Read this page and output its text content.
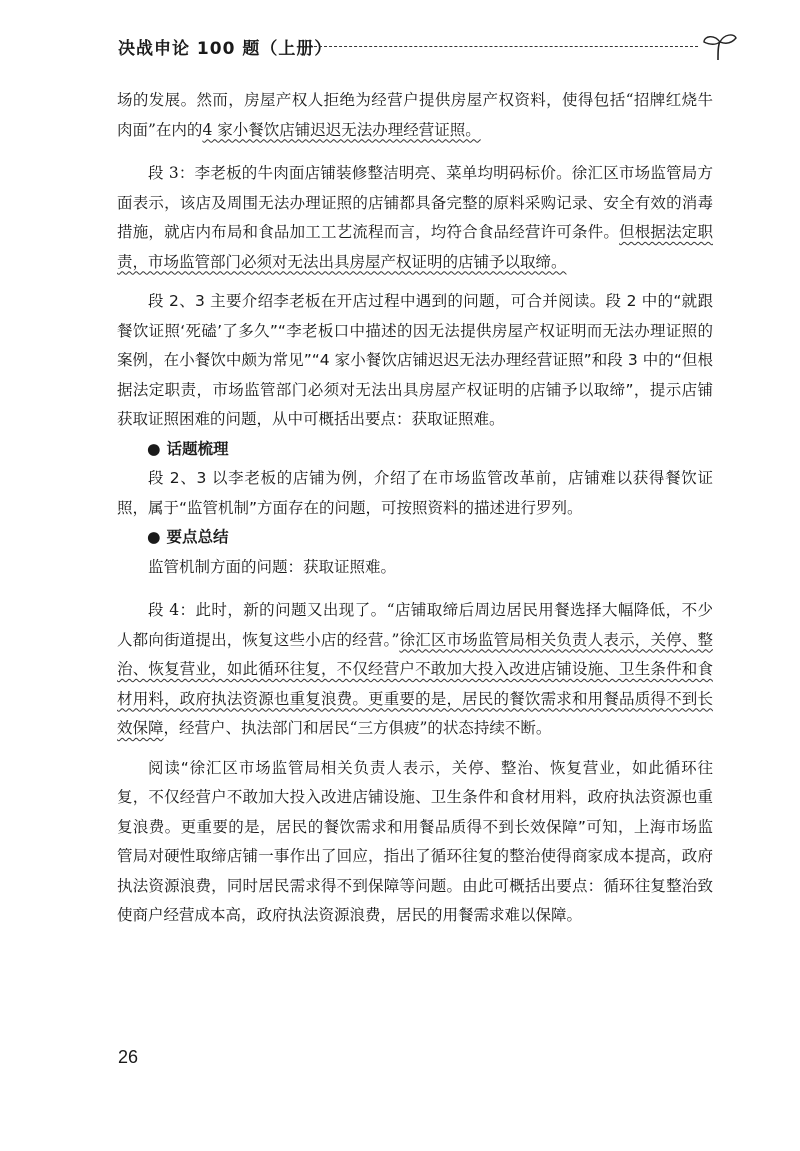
决战申论 100 题（上册）

场的发展。然而，房屋产权人拒绝为经营户提供房屋产权资料，使得包括“招牌红烧牛肉面”在内的4 家小餐饮店铺迟迟无法办理经营证照。

段 3：李老板的牛肉面店铺装修整洁明亮、菜单均明码标价。徐汇区市场监管局方面表示，该店及周围无法办理证照的店铺都具备完整的原料采购记录、安全有效的消毒措施，就店内布局和食品加工工艺流程而言，均符合食品经营许可条件。但根据法定职责，市场监管部门必须对无法出具房屋产权证明的店铺予以取缔。

段 2、3 主要介绍李老板在开店过程中遇到的问题，可合并阅读。段 2 中的“就跟餐饮证照‘死磕’了多久”“李老板口中描述的因无法提供房屋产权证明而无法办理证照的案例，在小餐饮中颇为常见”“4 家小餐饮店铺迟迟无法办理经营证照”和段 3 中的“但根据法定职责，市场监管部门必须对无法出具房屋产权证明的店铺予以取缔”，提示店铺获取证照困难的问题，从中可概括出要点：获取证照难。

● 话题梳理

段 2、3 以李老板的店铺为例，介绍了在市场监管改革前，店铺难以获得餐饮证照，属于“监管机制”方面存在的问题，可按照资料的描述进行罗列。

● 要点总结

监管机制方面的问题：获取证照难。

段 4：此时，新的问题又出现了。“店铺取缔后周边居民用餐选择大幅降低，不少人都向街道提出，恢复这些小店的经营。”徐汇区市场监管局相关负责人表示，关停、整治、恢复营业，如此循环往复，不仅经营户不敢加大投入改进店铺设施、卫生条件和食材用料，政府执法资源也重复浪费。更重要的是，居民的餐饮需求和用餐品质得不到长效保障，经营户、执法部门和居民“三方俱疲”的状态持续不断。

阅读“徐汇区市场监管局相关负责人表示，关停、整治、恢复营业，如此循环往复，不仅经营户不敢加大投入改进店铺设施、卫生条件和食材用料，政府执法资源也重复浪费。更重要的是，居民的餐饮需求和用餐品质得不到长效保障”可知，上海市场监管局对硬性取缔店铺一事作出了回应，指出了循环往复的整治使得商家成本提高，政府执法资源浪费，同时居民需求得不到保障等问题。由此可概括出要点：循环往复整治致使商户经营成本高，政府执法资源浪费，居民的用餐需求难以保障。

26
